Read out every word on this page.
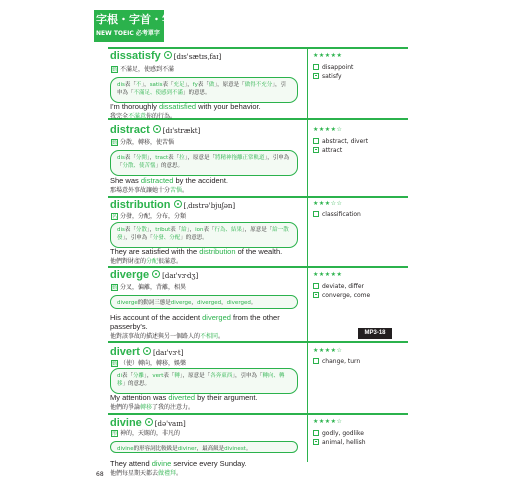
字根・字首・字尾
NEW TOEIC 必考單字
dissatisfy [dɪs'sætɪsˌfaɪ]
動 不滿足，使感到不滿
dis表「不」，satis表「充足」，fy表「做」，原意是「做得不充分」，引申為「不滿足、使感到不滿」的意思。
I'm thoroughly dissatisfied with your behavior.
我完全不滿意你的行為。
★★★★★
disappoint
satisfy
distract [dɪ'strækt]
動 分散，轉移，使苦惱
dis表「分開」，tract表「拉」，原意是「將精神拖離正常軌道」，引申為「分散、使苦惱」的意思。
She was distracted by the accident.
那場意外事故讓她十分苦惱。
★★★★☆
abstract, divert
attract
distribution [ˌdɪstrə'bjuʃən]
名 分發，分配，分布，分類
dis表「分散」，tribut表「給」，ion表「行為、結果」，原意是「給一散發」，引申為「分發、分配」的意思。
They are satisfied with the distribution of the wealth.
他們對財產的分配很滿意。
★★★☆☆
classification
diverge [daɪ'vɝdʒ]
動 分叉，偏離，背離，相異
diverge的動詞三態是diverge，diverged，diverged。
His account of the accident diverged from the other passerby's.
他對該事故的描述與另一個路人的不相同。
★★★★★
deviate, differ
converge, come
divert [daɪ'vɝt]
動 （使）轉向，轉移，娛樂
di表「分離」，vert表「轉」，原意是「各奔東西」，引申為「轉向、轉移」的意思。
My attention was diverted by their argument.
他們的爭論轉移了我的注意力。
★★★★☆
change, turn
divine [də'vaɪn]
形 神的，天賜的，非凡的
divine的形容詞比較級是diviner，最高級是divinest。
They attend divine service every Sunday.
他們每星期天都去做禮拜。
★★★★☆
godly, godlike
animal, hellish
MP3-18
68
